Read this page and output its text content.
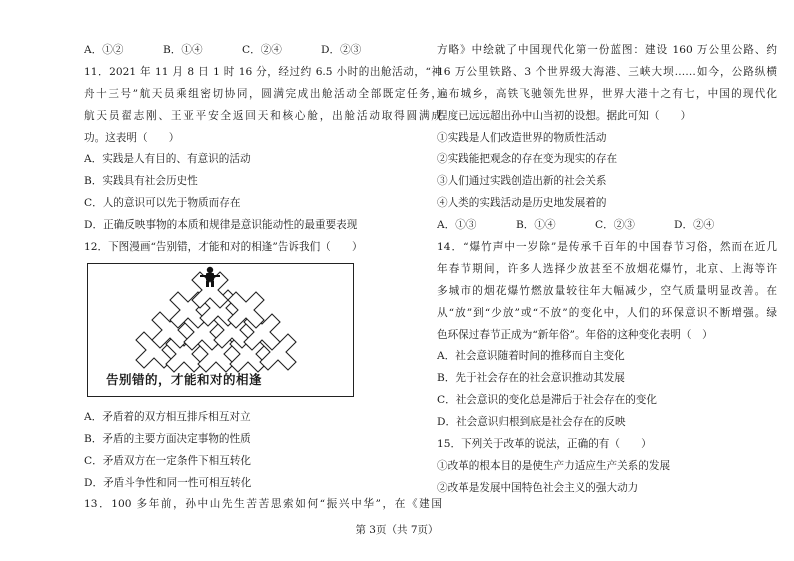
A．①②	B．①④	C．②④	D．②③
11．2021 年 11 月 8 日 1 时 16 分，经过约 6.5 小时的出舱活动，“神
舟十三号”航天员乘组密切协同，圆满完成出舱活动全部既定任务，
航天员翟志刚、王亚平安全返回天和核心舱，出舱活动取得圆满成
功。这表明（　　）
A．实践是人有目的、有意识的活动
B．实践具有社会历史性
C．人的意识可以先于物质而存在
D．正确反映事物的本质和规律是意识能动性的最重要表现
12．下图漫画“告别错，才能和对的相逢”告诉我们（　　）
告别错的，才能和对的相逢
A．矛盾着的双方相互排斥相互对立
B．矛盾的主要方面决定事物的性质
C．矛盾双方在一定条件下相互转化
D．矛盾斗争性和同一性可相互转化
13．100 多年前，孙中山先生苦苦思索如何“振兴中华”，在《建国
方略》中绘就了中国现代化第一份蓝图：建设 160 万公里公路、约
16 万公里铁路、3 个世界级大海港、三峡大坝……如今，公路纵横
遍布城乡，高铁飞驰领先世界，世界大港十之有七，中国的现代化
程度已远远超出孙中山当初的设想。据此可知（　　）
①实践是人们改造世界的物质性活动
②实践能把观念的存在变为现实的存在
③人们通过实践创造出新的社会关系
④人类的实践活动是历史地发展着的
A．①③	B．①④	C．②③	D．②④
14．“爆竹声中一岁除”是传承千百年的中国春节习俗，然而在近几
年春节期间，许多人选择少放甚至不放烟花爆竹，北京、上海等许
多城市的烟花爆竹燃放量较往年大幅减少，空气质量明显改善。在
从“放”到“少放”或“不放”的变化中，人们的环保意识不断增强。绿
色环保过春节正成为“新年俗”。年俗的这种变化表明（　）
A．社会意识随着时间的推移而自主变化
B．先于社会存在的社会意识推动其发展
C．社会意识的变化总是滞后于社会存在的变化
D．社会意识归根到底是社会存在的反映
15．下列关于改革的说法，正确的有（　　）
①改革的根本目的是使生产力适应生产关系的发展
②改革是发展中国特色社会主义的强大动力
第 3页（共 7页）
